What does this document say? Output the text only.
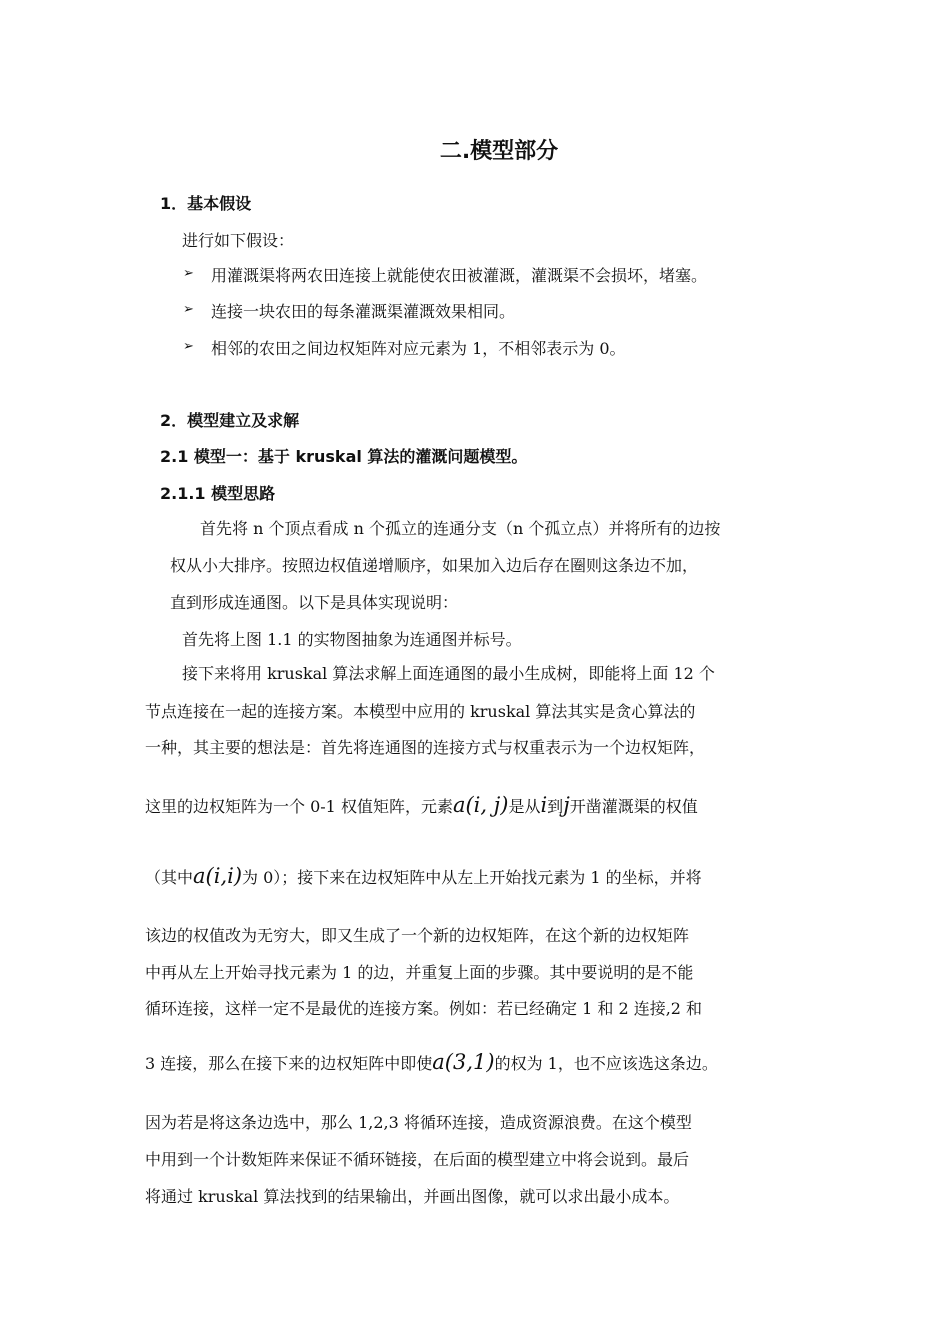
二.模型部分
1．基本假设
进行如下假设：
➢ 用灌溉渠将两农田连接上就能使农田被灌溉，灌溉渠不会损坏，堵塞。
➢ 连接一块农田的每条灌溉渠灌溉效果相同。
➢ 相邻的农田之间边权矩阵对应元素为 1，不相邻表示为 0。
2．模型建立及求解
2.1 模型一：基于 kruskal 算法的灌溉问题模型。
2.1.1 模型思路
首先将 n 个顶点看成 n 个孤立的连通分支（n 个孤立点）并将所有的边按
权从小大排序。按照边权值递增顺序，如果加入边后存在圈则这条边不加，
直到形成连通图。以下是具体实现说明：
首先将上图 1.1 的实物图抽象为连通图并标号。
接下来将用 kruskal 算法求解上面连通图的最小生成树，即能将上面 12 个
节点连接在一起的连接方案。本模型中应用的 kruskal 算法其实是贪心算法的
一种，其主要的想法是：首先将连通图的连接方式与权重表示为一个边权矩阵，
这里的边权矩阵为一个 0-1 权值矩阵，元素a(i, j)是从i到j开凿灌溉渠的权值
（其中a(i,i)为 0）；接下来在边权矩阵中从左上开始找元素为 1 的坐标，并将
该边的权值改为无穷大，即又生成了一个新的边权矩阵，在这个新的边权矩阵
中再从左上开始寻找元素为 1 的边，并重复上面的步骤。其中要说明的是不能
循环连接，这样一定不是最优的连接方案。例如：若已经确定 1 和 2 连接,2 和
3 连接，那么在接下来的边权矩阵中即使a(3,1)的权为 1，也不应该选这条边。
因为若是将这条边选中，那么 1,2,3 将循环连接，造成资源浪费。在这个模型
中用到一个计数矩阵来保证不循环链接，在后面的模型建立中将会说到。最后
将通过 kruskal 算法找到的结果输出，并画出图像，就可以求出最小成本。
